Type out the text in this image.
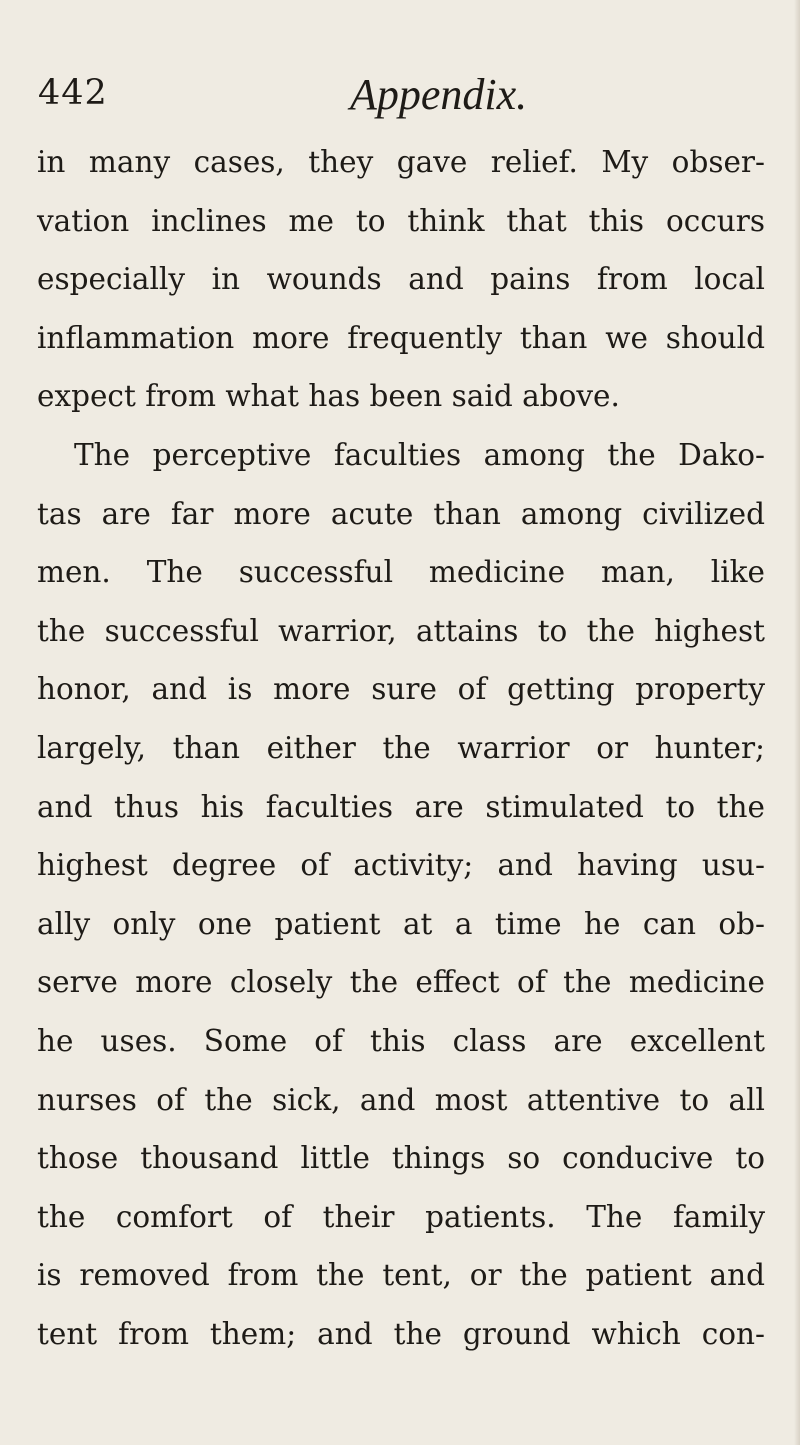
442	Appendix.
in many cases, they gave relief. My obser-
vation inclines me to think that this occurs
especially in wounds and pains from local
inflammation more frequently than we should
expect from what has been said above.
The perceptive faculties among the Dako-
tas are far more acute than among civilized
men. The successful medicine man, like
the successful warrior, attains to the highest
honor, and is more sure of getting property
largely, than either the warrior or hunter;
and thus his faculties are stimulated to the
highest degree of activity; and having usu-
ally only one patient at a time he can ob-
serve more closely the effect of the medicine
he uses. Some of this class are excellent
nurses of the sick, and most attentive to all
those thousand little things so conducive to
the comfort of their patients. The family
is removed from the tent, or the patient and
tent from them; and the ground which con-
